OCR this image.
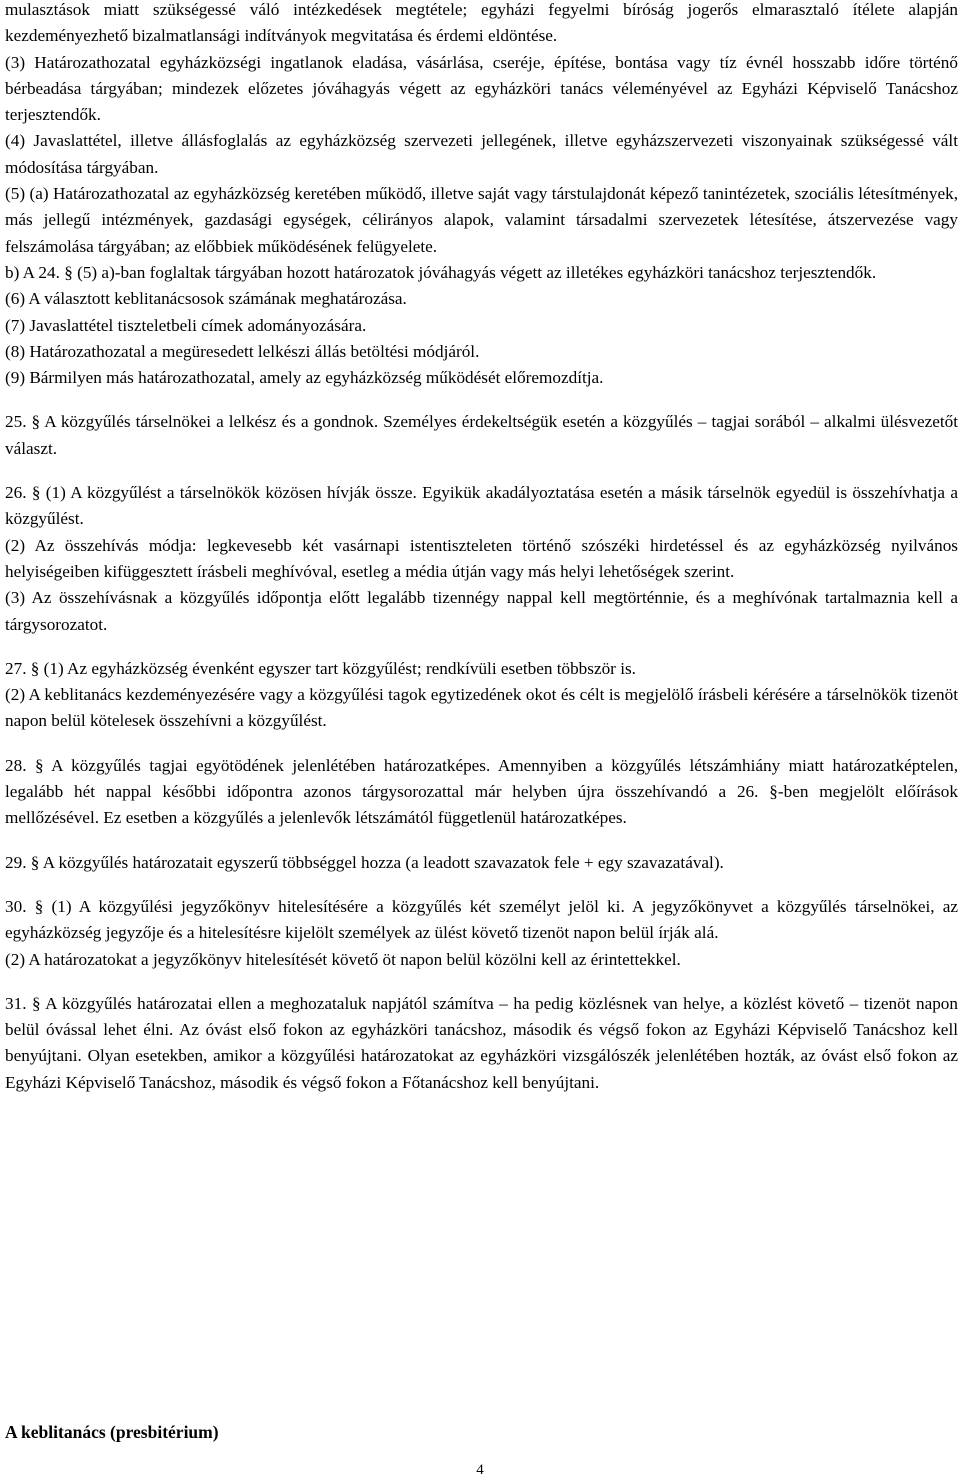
mulasztások miatt szükségessé váló intézkedések megtétele; egyházi fegyelmi bíróság jogerős elmarasztaló ítélete alapján kezdeményezhető bizalmatlansági indítványok megvitatása és érdemi eldöntése.

(3) Határozathozatal egyházközségi ingatlanok eladása, vásárlása, cseréje, építése, bontása vagy tíz évnél hosszabb időre történő bérbeadása tárgyában; mindezek előzetes jóváhagyás végett az egyházköri tanács véleményével az Egyházi Képviselő Tanácshoz terjesztendők.

(4) Javaslattétel, illetve állásfoglalás az egyházközség szervezeti jellegének, illetve egyházszervezeti viszonyainak szükségessé vált módosítása tárgyában.

(5) (a) Határozathozatal az egyházközség keretében működő, illetve saját vagy társtulajdonát képező tanintézetek, szociális létesítmények, más jellegű intézmények, gazdasági egységek, célirányos alapok, valamint társadalmi szervezetek létesítése, átszervezése vagy felszámolása tárgyában; az előbbiek működésének felügyelete.

b) A 24. § (5) a)-ban foglaltak tárgyában hozott határozatok jóváhagyás végett az illetékes egyházköri tanácshoz terjesztendők.

(6) A választott keblitanácsosok számának meghatározása.

(7) Javaslattétel tiszteletbeli címek adományozására.

(8) Határozathozatal a megüresedett lelkészi állás betöltési módjáról.

(9) Bármilyen más határozathozatal, amely az egyházközség működését előremozdítja.

25. § A közgyűlés társelnökei a lelkész és a gondnok. Személyes érdekeltségük esetén a közgyűlés – tagjai sorából – alkalmi ülésvezetőt választ.

26. § (1) A közgyűlést a társelnökök közösen hívják össze. Egyikük akadályoztatása esetén a másik társelnök egyedül is összehívhatja a közgyűlést.

(2) Az összehívás módja: legkevesebb két vasárnapi istentiszteleten történő szószéki hirdetéssel és az egyházközség nyilvános helyiségeiben kifüggesztett írásbeli meghívóval, esetleg a média útján vagy más helyi lehetőségek szerint.

(3) Az összehívásnak a közgyűlés időpontja előtt legalább tizennégy nappal kell megtörténnie, és a meghívónak tartalmaznia kell a tárgysorozatot.

27. § (1) Az egyházközség évenként egyszer tart közgyűlést; rendkívüli esetben többször is.

(2) A keblitanács kezdeményezésére vagy a közgyűlési tagok egytizedének okot és célt is megjelölő írásbeli kérésére a társelnökök tizenöt napon belül kötelesek összehívni a közgyűlést.

28. § A közgyűlés tagjai egyötödének jelenlétében határozatképes. Amennyiben a közgyűlés létszámhiány miatt határozatképtelen, legalább hét nappal későbbi időpontra azonos tárgysorozattal már helyben újra összehívandó a 26. §-ben megjelölt előírások mellőzésével. Ez esetben a közgyűlés a jelenlevők létszámától függetlenül határozatképes.

29. § A közgyűlés határozatait egyszerű többséggel hozza (a leadott szavazatok fele + egy szavazatával).

30. § (1) A közgyűlési jegyzőkönyv hitelesítésére a közgyűlés két személyt jelöl ki. A jegyzőkönyvet a közgyűlés társelnökei, az egyházközség jegyzője és a hitelesítésre kijelölt személyek az ülést követő tizenöt napon belül írják alá.

(2) A határozatokat a jegyzőkönyv hitelesítését követő öt napon belül közölni kell az érintettekkel.

31. § A közgyűlés határozatai ellen a meghozataluk napjától számítva – ha pedig közlésnek van helye, a közlést követő – tizenöt napon belül óvással lehet élni. Az óvást első fokon az egyházköri tanácshoz, második és végső fokon az Egyházi Képviselő Tanácshoz kell benyújtani. Olyan esetekben, amikor a közgyűlési határozatokat az egyházköri vizsgálószék jelenlétében hozták, az óvást első fokon az Egyházi Képviselő Tanácshoz, második és végső fokon a Főtanácshoz kell benyújtani.

A keblitanács (presbitérium)
4
